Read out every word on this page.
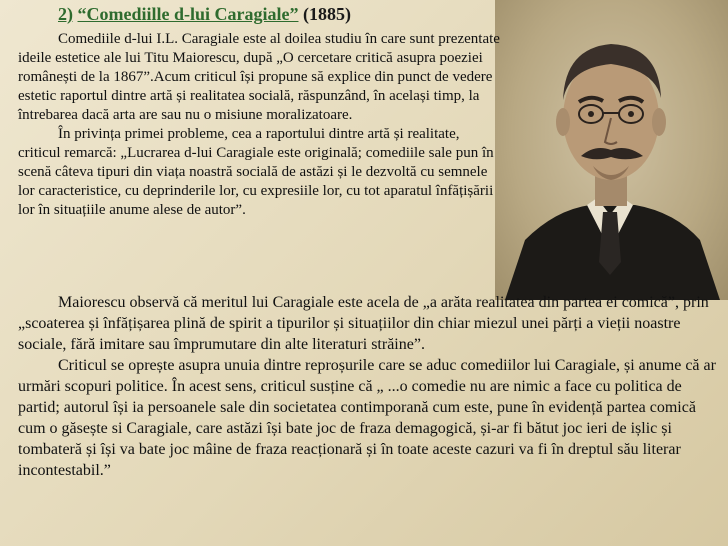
2) “Comediille d-lui Caragiale” (1885)

Comediile d-lui I.L. Caragiale este al doilea studiu în care sunt prezentate ideile estetice ale lui Titu Maiorescu, după „O cercetare critică asupra poeziei românești de la 1867”.Acum criticul își propune să explice din punct de vedere estetic raportul dintre artă și realitatea socială, răspunzând, în același timp, la întrebarea dacă arta are sau nu o misiune moralizatoare.

În privința primei probleme, cea a raportului dintre artă și realitate, criticul remarcă: „Lucrarea d-lui Caragiale este originală; comediile sale pun în scenă câteva tipuri din viața noastră socială de astăzi și le dezvoltă cu semnele lor caracteristice, cu deprinderile lor, cu expresiile lor, cu tot aparatul înfățișării lor în situațiile anume alese de autor”.

Maiorescu observă că meritul lui Caragiale este acela de „a arăta realitatea din partea ei comică”, prin „scoaterea și înfățișarea plină de spirit a tipurilor și situațiilor din chiar miezul unei părți a vieții noastre sociale, fără imitare sau împrumutare din alte literaturi străine”.

Criticul se oprește asupra unuia dintre reproșurile care se aduc comediilor lui Caragiale, și anume că ar urmări scopuri politice. În acest sens, criticul susține că „ ...o comedie nu are nimic a face cu politica de partid; autorul își ia persoanele sale din societatea contimporană cum este, pune în evidență partea comică cum o găsește si Caragiale, care astăzi își bate joc de fraza demagogică, și-ar fi bătut joc ieri de ișlic și tombateră și își va bate joc mâine de fraza reacționară și în toate aceste cazuri va fi în dreptul său literar incontestabil.”
